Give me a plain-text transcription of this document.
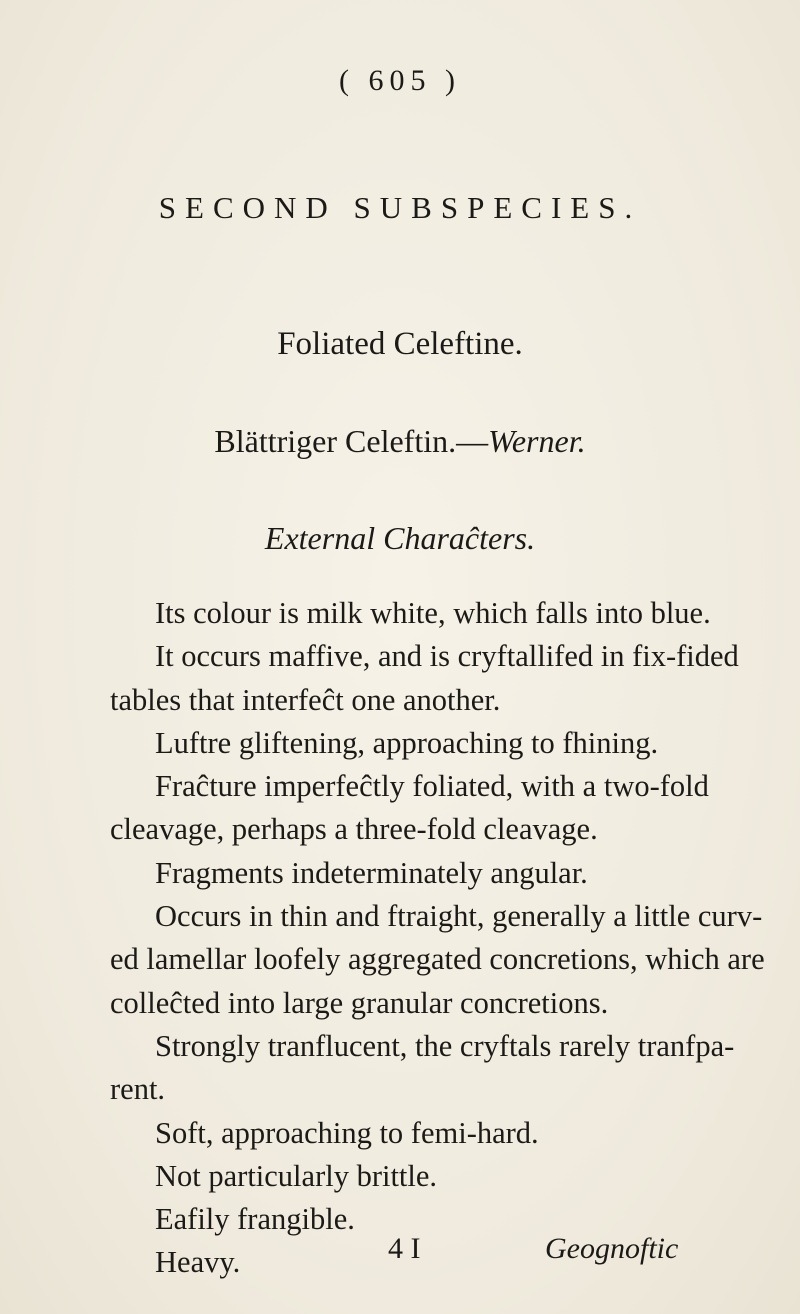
( 605 )
SECOND SUBSPECIES.
Foliated Celeftine.
Blättriger Celeftin.—Werner.
External Charaĉters.
Its colour is milk white, which falls into blue.
It occurs maffive, and is cryftallifed in fix-fided
tables that interfeĉt one another.
Luftre gliftening, approaching to fhining.
Fraĉture imperfeĉtly foliated, with a two-fold
cleavage, perhaps a three-fold cleavage.
Fragments indeterminately angular.
Occurs in thin and ftraight, generally a little curv-
ed lamellar loofely aggregated concretions, which are
colleĉted into large granular concretions.
Strongly tranflucent, the cryftals rarely tranfpa-
rent.
Soft, approaching to femi-hard.
Not particularly brittle.
Eafily frangible.
Heavy.	4 I	Geognoftic
